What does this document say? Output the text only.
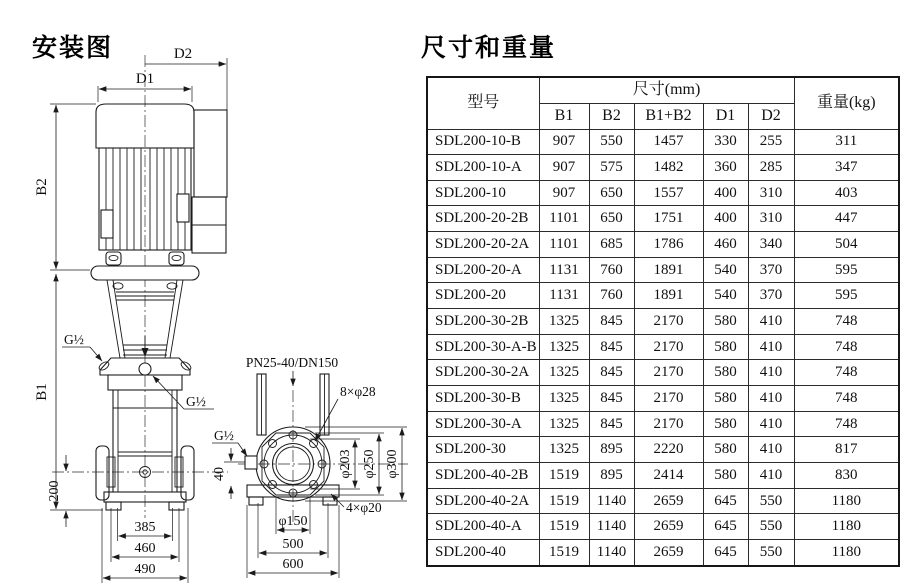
安装图	尺寸和重量
D1
D2
B2
B1
200
385
460
490
G½
G½
PN25-40/DN150
8×φ28
G½
40	φ203 φ250 φ300
4×φ20
φ150
500
600
型号	尺寸(mm)					重量(kg)
	B1	B2	B1+B2	D1	D2	
SDL200-10-B	907	550	1457	330	255	311
SDL200-10-A	907	575	1482	360	285	347
SDL200-10	907	650	1557	400	310	403
SDL200-20-2B	1101	650	1751	400	310	447
SDL200-20-2A	1101	685	1786	460	340	504
SDL200-20-A	1131	760	1891	540	370	595
SDL200-20	1131	760	1891	540	370	595
SDL200-30-2B	1325	845	2170	580	410	748
SDL200-30-A-B	1325	845	2170	580	410	748
SDL200-30-2A	1325	845	2170	580	410	748
SDL200-30-B	1325	845	2170	580	410	748
SDL200-30-A	1325	845	2170	580	410	748
SDL200-30	1325	895	2220	580	410	817
SDL200-40-2B	1519	895	2414	580	410	830
SDL200-40-2A	1519	1140	2659	645	550	1180
SDL200-40-A	1519	1140	2659	645	550	1180
SDL200-40	1519	1140	2659	645	550	1180
